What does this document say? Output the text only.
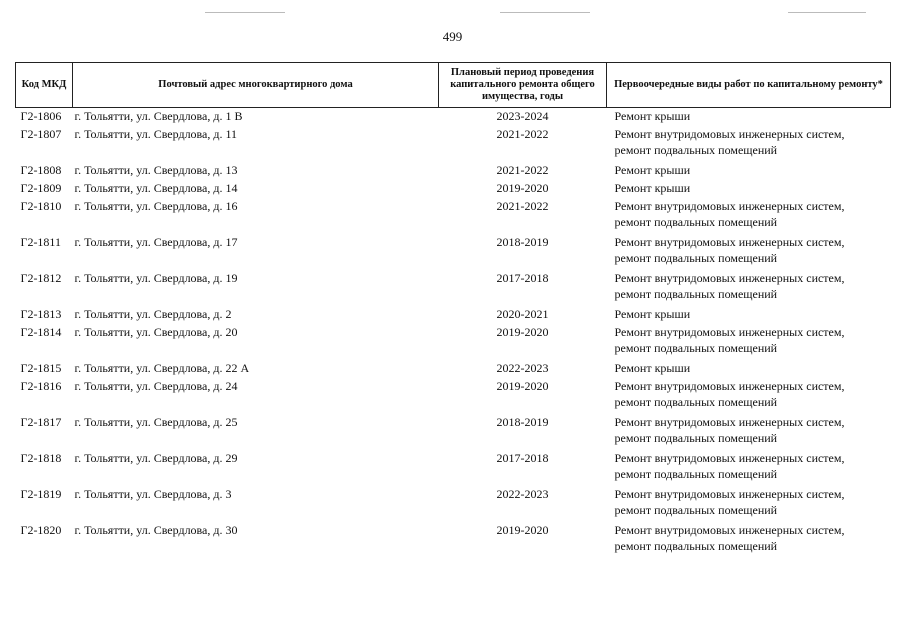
499
Код МКД	Почтовый адрес многоквартирного дома	Плановый период проведения капитального ремонта общего имущества, годы	Первоочередные виды работ по капитальному ремонту*
Г2-1806	г. Тольятти, ул. Свердлова, д. 1 В	2023-2024	Ремонт крыши

Г2-1807	г. Тольятти, ул. Свердлова, д. 11	2021-2022	Ремонт внутридомовых инженерных систем,
ремонт подвальных помещений

Г2-1808	г. Тольятти, ул. Свердлова, д. 13	2021-2022	Ремонт крыши

Г2-1809	г. Тольятти, ул. Свердлова, д. 14	2019-2020	Ремонт крыши

Г2-1810	г. Тольятти, ул. Свердлова, д. 16	2021-2022	Ремонт внутридомовых инженерных систем,
ремонт подвальных помещений

Г2-1811	г. Тольятти, ул. Свердлова, д. 17	2018-2019	Ремонт внутридомовых инженерных систем,
ремонт подвальных помещений

Г2-1812	г. Тольятти, ул. Свердлова, д. 19	2017-2018	Ремонт внутридомовых инженерных систем,
ремонт подвальных помещений

Г2-1813	г. Тольятти, ул. Свердлова, д. 2	2020-2021	Ремонт крыши

Г2-1814	г. Тольятти, ул. Свердлова, д. 20	2019-2020	Ремонт внутридомовых инженерных систем,
ремонт подвальных помещений

Г2-1815	г. Тольятти, ул. Свердлова, д. 22 А	2022-2023	Ремонт крыши

Г2-1816	г. Тольятти, ул. Свердлова, д. 24	2019-2020	Ремонт внутридомовых инженерных систем,
ремонт подвальных помещений

Г2-1817	г. Тольятти, ул. Свердлова, д. 25	2018-2019	Ремонт внутридомовых инженерных систем,
ремонт подвальных помещений

Г2-1818	г. Тольятти, ул. Свердлова, д. 29	2017-2018	Ремонт внутридомовых инженерных систем,
ремонт подвальных помещений

Г2-1819	г. Тольятти, ул. Свердлова, д. 3	2022-2023	Ремонт внутридомовых инженерных систем,
ремонт подвальных помещений

Г2-1820	г. Тольятти, ул. Свердлова, д. 30	2019-2020	Ремонт внутридомовых инженерных систем,
ремонт подвальных помещений
